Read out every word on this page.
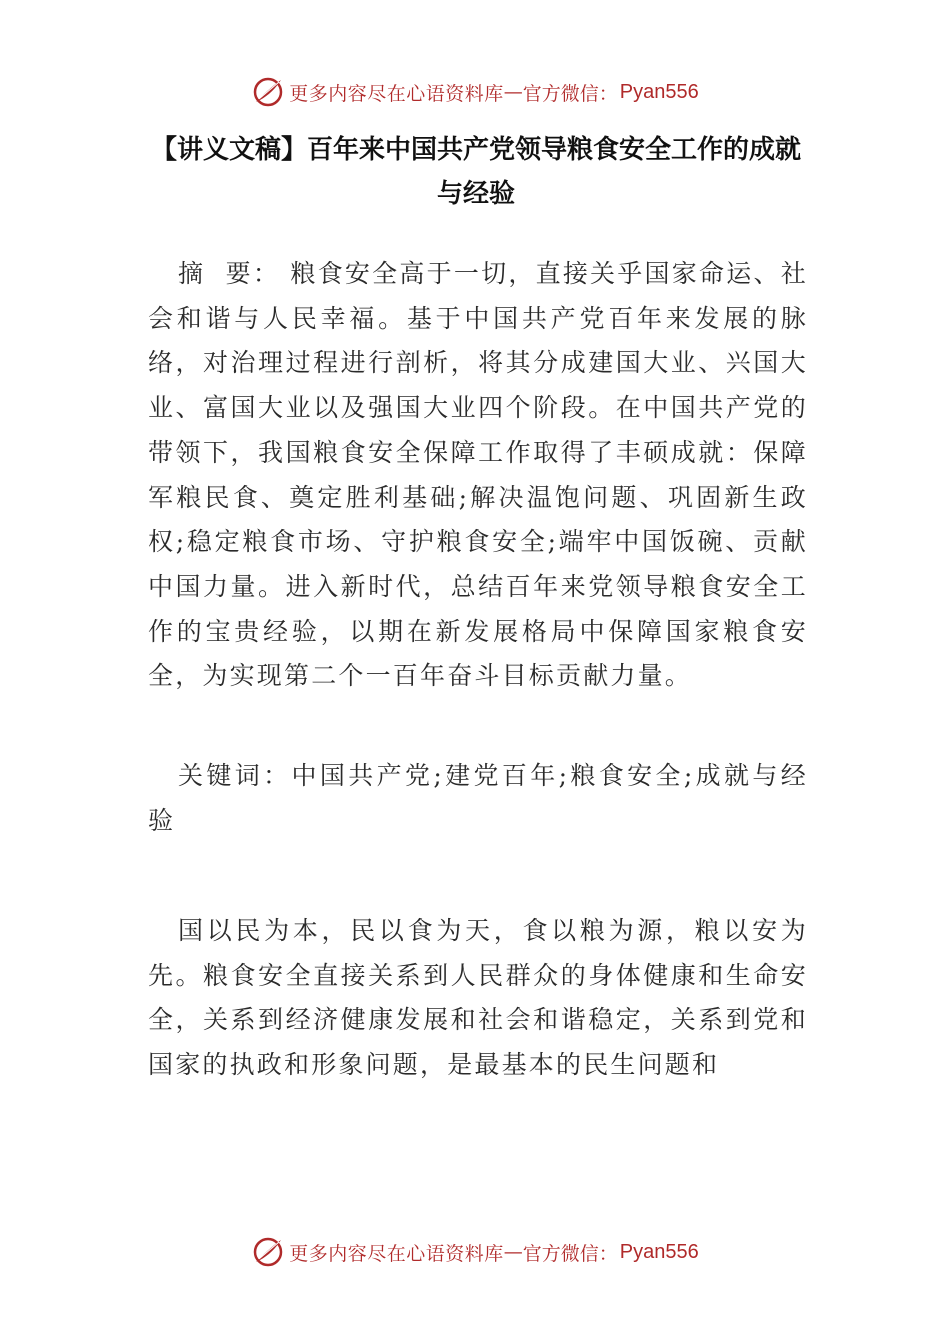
更多内容尽在心语资料库 — 官方微信： Pyan556
【讲义文稿】百年来中国共产党领导粮食安全工作的成就与经验

摘  要： 粮食安全高于一切，直接关乎国家命运、社会和谐与人民幸福。基于中国共产党百年来发展的脉络，对治理过程进行剖析，将其分成建国大业、兴国大业、富国大业以及强国大业四个阶段。在中国共产党的带领下，我国粮食安全保障工作取得了丰硕成就：保障军粮民食、奠定胜利基础;解决温饱问题、巩固新生政权;稳定粮食市场、守护粮食安全;端牢中国饭碗、贡献中国力量。进入新时代，总结百年来党领导粮食安全工作的宝贵经验，以期在新发展格局中保障国家粮食安全，为实现第二个一百年奋斗目标贡献力量。

关键词：中国共产党;建党百年;粮食安全;成就与经验

国以民为本，民以食为天，食以粮为源，粮以安为先。粮食安全直接关系到人民群众的身体健康和生命安全，关系到经济健康发展和社会和谐稳定，关系到党和国家的执政和形象问题，是最基本的民生问题和

更多内容尽在心语资料库 — 官方微信： Pyan556
